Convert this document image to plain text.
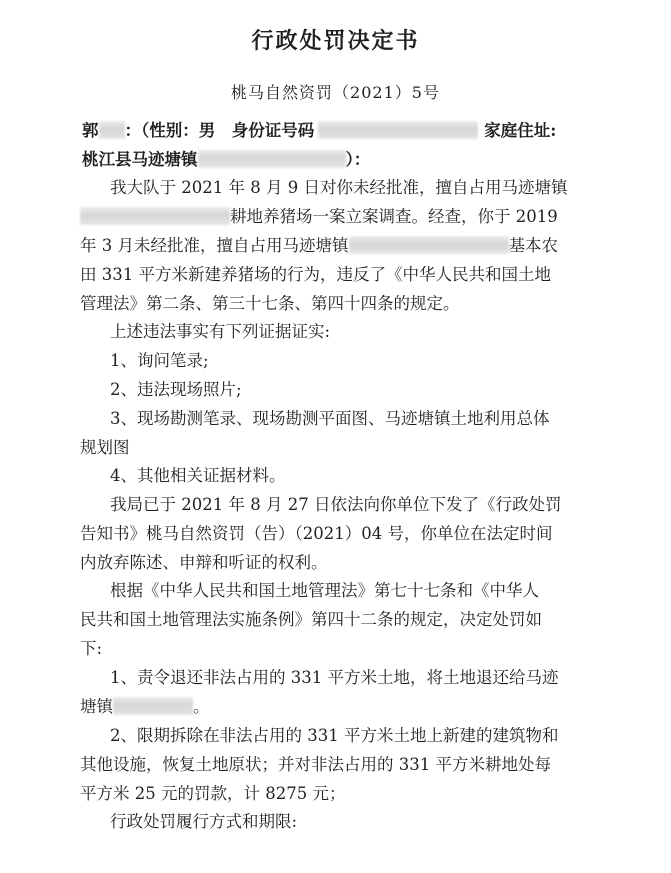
行政处罚决定书
桃马自然资罚（2021）5号
郭 ：（性别：男　身份证号码	家庭住址:
桃江县马迹塘镇	）：
我大队于 2021 年 8 月 9 日对你未经批准，擅自占用马迹塘镇
耕地养猪场一案立案调查。经查，你于 2019
年 3 月未经批准，擅自占用马迹塘镇	基本农
田 331 平方米新建养猪场的行为，违反了《中华人民共和国土地
管理法》第二条、第三十七条、第四十四条的规定。
上述违法事实有下列证据证实:
1、询问笔录;
2、违法现场照片;
3、现场勘测笔录、现场勘测平面图、马迹塘镇土地利用总体
规划图
4、其他相关证据材料。
我局已于 2021 年 8 月 27 日依法向你单位下发了《行政处罚
告知书》桃马自然资罚（告）（2021）04 号，你单位在法定时间
内放弃陈述、申辩和听证的权利。
根据《中华人民共和国土地管理法》第七十七条和《中华人
民共和国土地管理法实施条例》第四十二条的规定，决定处罚如
下:
1、责令退还非法占用的 331 平方米土地，将土地退还给马迹
塘镇	。
2、限期拆除在非法占用的 331 平方米土地上新建的建筑物和
其他设施，恢复土地原状；并对非法占用的 331 平方米耕地处每
平方米 25 元的罚款，计 8275 元；
行政处罚履行方式和期限:
